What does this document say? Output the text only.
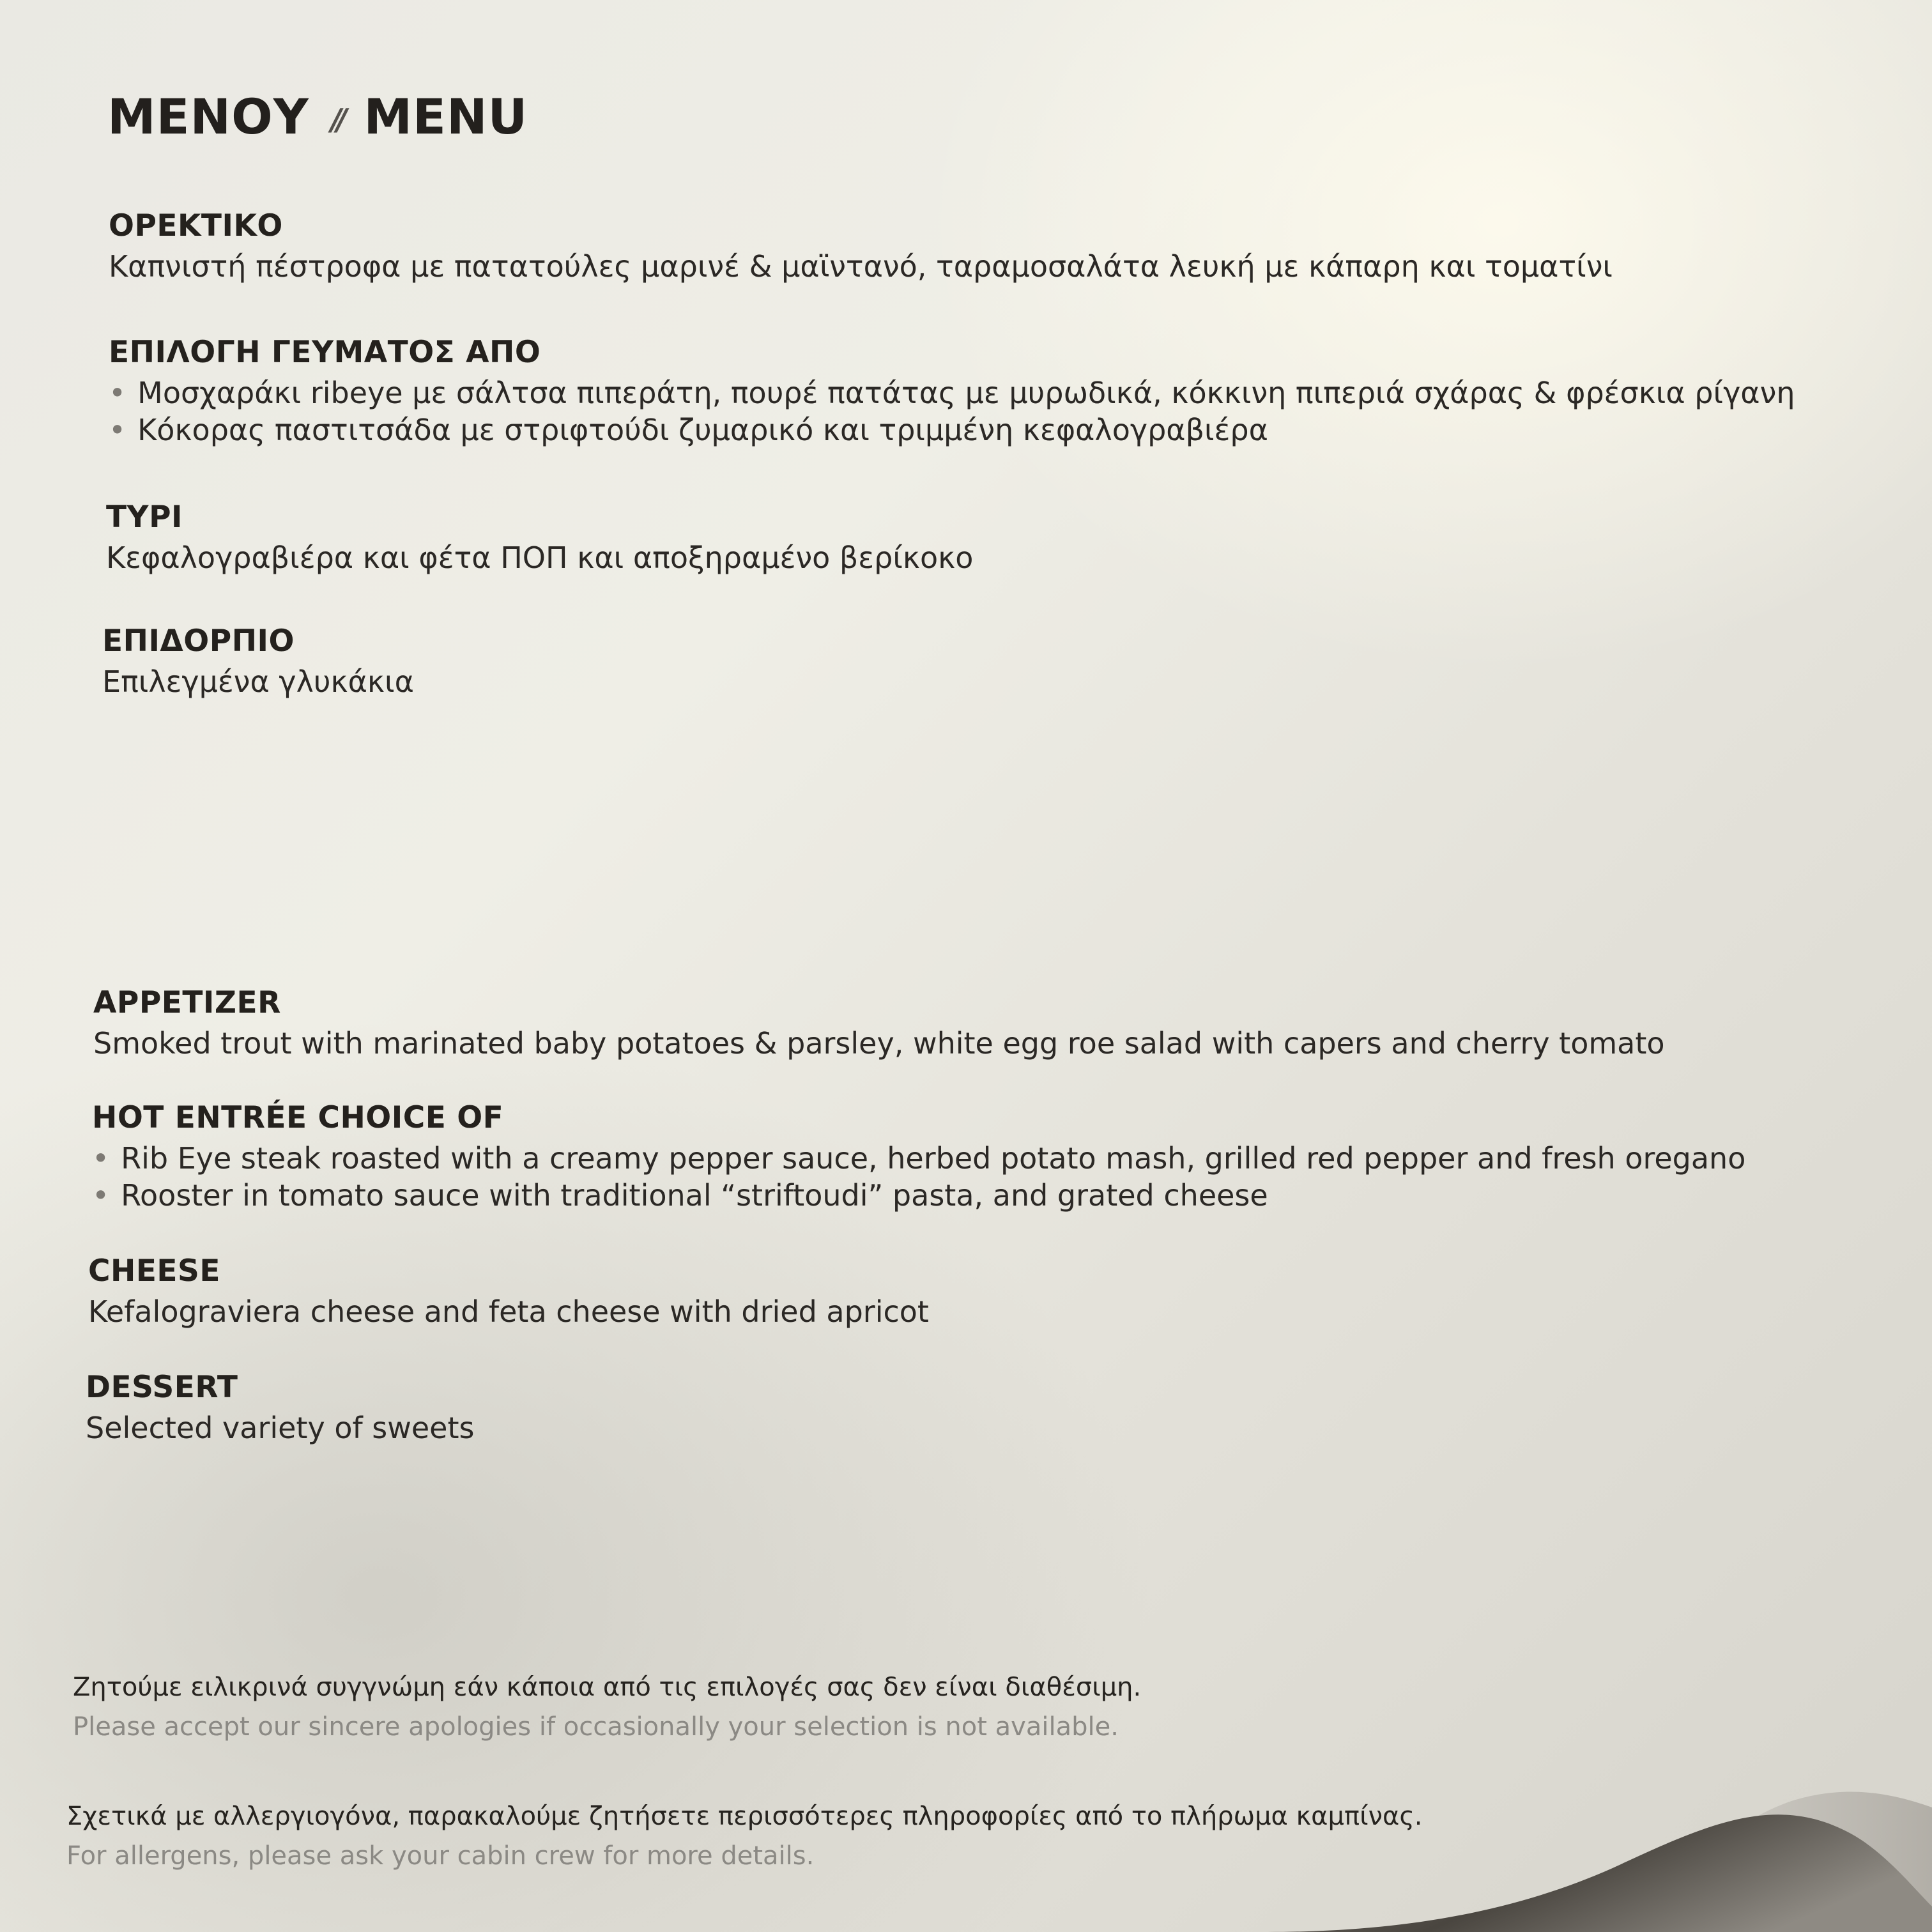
ΜΕΝΟΥ // MENU
ΟΡΕΚΤΙΚΟ

Καπνιστή πέστροφα με πατατούλες μαρινέ & μαϊντανό, ταραμοσαλάτα λευκή με κάπαρη και τοματίνι

ΕΠΙΛΟΓΗ ΓΕΥΜΑΤΟΣ ΑΠΟ
• Μοσχαράκι ribeye με σάλτσα πιπεράτη, πουρέ πατάτας με μυρωδικά, κόκκινη πιπεριά σχάρας & φρέσκια ρίγανη
• Κόκορας παστιτσάδα με στριφτούδι ζυμαρικό και τριμμένη κεφαλογραβιέρα
ΤΥΡΙ

Κεφαλογραβιέρα και φέτα ΠΟΠ και αποξηραμένο βερίκοκο

ΕΠΙΔΟΡΠΙΟ

Επιλεγμένα γλυκάκια

APPETIZER

Smoked trout with marinated baby potatoes & parsley, white egg roe salad with capers and cherry tomato

HOT ENTRÉE CHOICE OF
• Rib Eye steak roasted with a creamy pepper sauce, herbed potato mash, grilled red pepper and fresh oregano
• Rooster in tomato sauce with traditional “striftoudi” pasta, and grated cheese
CHEESE

Kefalograviera cheese and feta cheese with dried apricot

DESSERT

Selected variety of sweets

Ζητούμε ειλικρινά συγγνώμη εάν κάποια από τις επιλογές σας δεν είναι διαθέσιμη.

Please accept our sincere apologies if occasionally your selection is not available.

Σχετικά με αλλεργιογόνα, παρακαλούμε ζητήσετε περισσότερες πληροφορίες από το πλήρωμα καμπίνας.

For allergens, please ask your cabin crew for more details.
